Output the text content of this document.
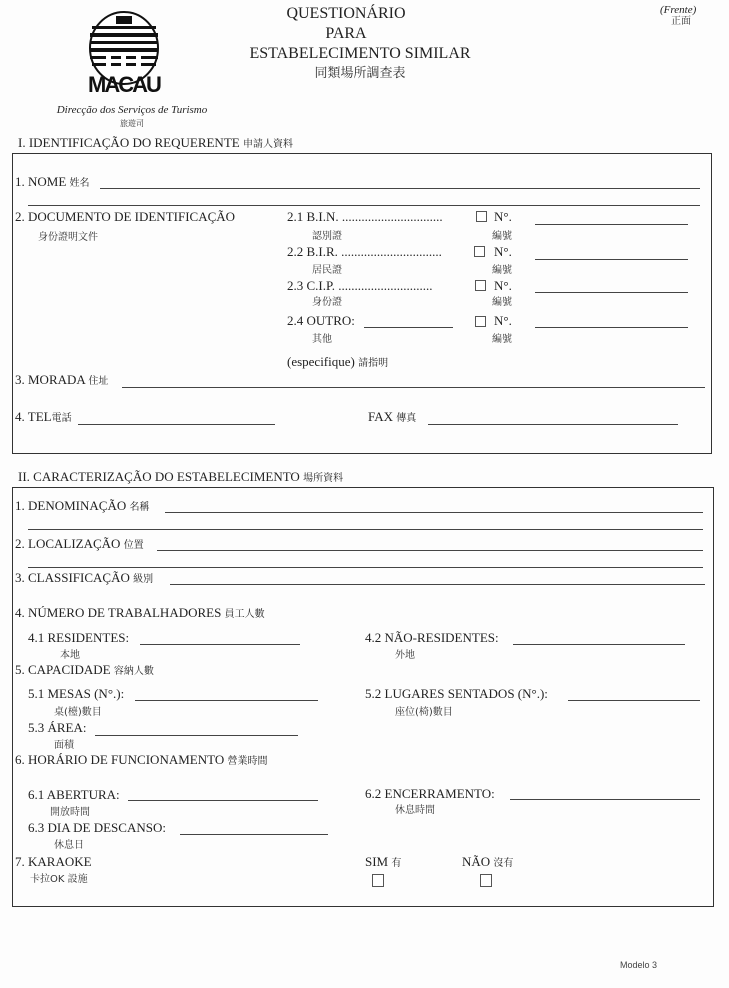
MACAU
Direcção dos Serviços de Turismo
旅遊司
QUESTIONÁRIO
PARA
ESTABELECIMENTO SIMILAR
同類場所調查表
(Frente)
正面
I. IDENTIFICAÇÃO DO REQUERENTE 申請人資料
1. NOME 姓名
2. DOCUMENTO DE IDENTIFICAÇÃO
身份證明文件
2.1 B.I.N. ...............................
認別證
N°.
編號
2.2 B.I.R. ...............................
居民證
N°.
編號
2.3 C.I.P. .............................
身份證
N°.
編號
2.4 OUTRO:
其他
N°.
編號
(especifique) 請指明
3. MORADA 住址
4. TEL電話	FAX 傳真
II. CARACTERIZAÇÃO DO ESTABELECIMENTO 場所資料
1. DENOMINAÇÃO 名稱
2. LOCALIZAÇÃO 位置
3. CLASSIFICAÇÃO 級別
4. NÚMERO DE TRABALHADORES 員工人數
4.1 RESIDENTES:
本地
4.2 NÃO-RESIDENTES:
外地
5. CAPACIDADE 容納人數
5.1 MESAS (N°.):
桌(檯)數目
5.2 LUGARES SENTADOS (N°.):
座位(椅)數目
5.3 ÁREA:
面積
6. HORÁRIO DE FUNCIONAMENTO 營業時間
6.1 ABERTURA:
開放時間
6.2 ENCERRAMENTO:
休息時間
6.3 DIA DE DESCANSO:
休息日
7. KARAOKE
卡拉OK 設施
SIM 有	NÃO 沒有
Modelo 3
